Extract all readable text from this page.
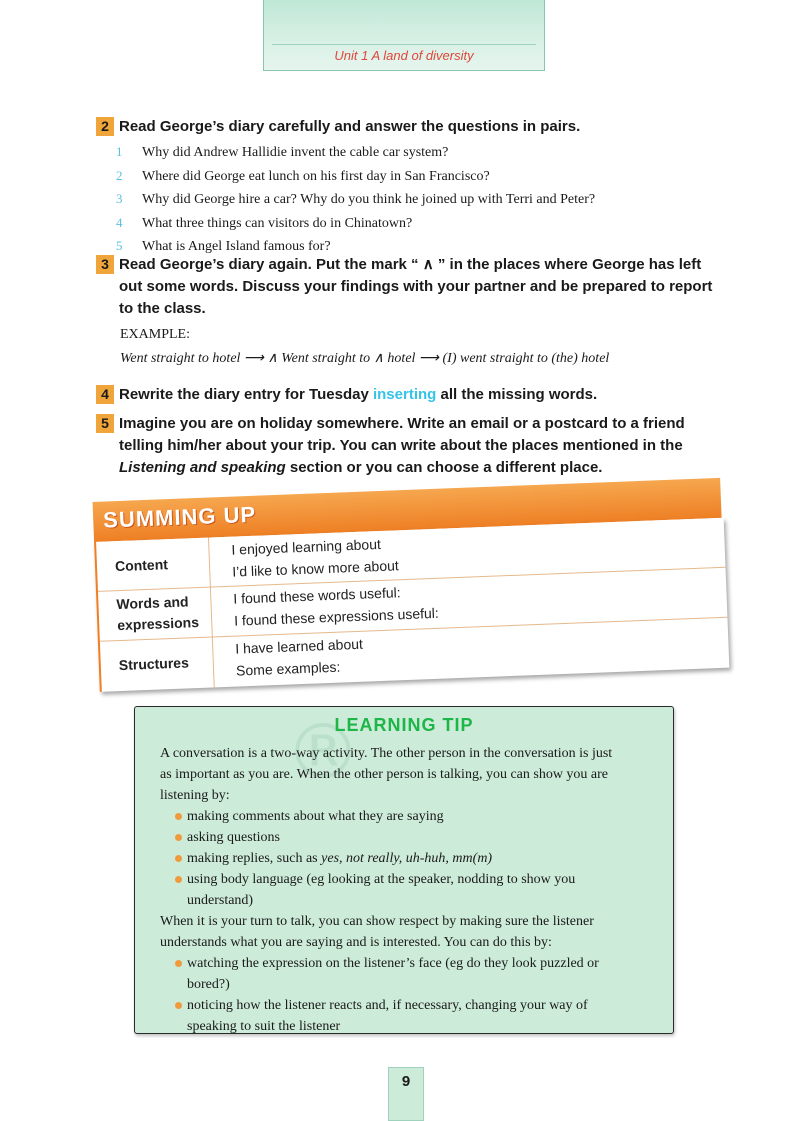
Unit 1 A land of diversity
2 Read George’s diary carefully and answer the questions in pairs.
1 Why did Andrew Hallidie invent the cable car system?
2 Where did George eat lunch on his first day in San Francisco?
3 Why did George hire a car? Why do you think he joined up with Terri and Peter?
4 What three things can visitors do in Chinatown?
5 What is Angel Island famous for?
3 Read George’s diary again. Put the mark “ ∧ ” in the places where George has left
out some words. Discuss your findings with your partner and be prepared to report
to the class.
EXAMPLE:
Went straight to hotel ⟶ ∧ Went straight to ∧ hotel ⟶ (I) went straight to (the) hotel
4 Rewrite the diary entry for Tuesday inserting all the missing words.
5 Imagine you are on holiday somewhere. Write an email or a postcard to a friend
telling him/her about your trip. You can write about the places mentioned in the
Listening and speaking section or you can choose a different place.
SUMMING UP
Content
I enjoyed learning about
I’d like to know more about
Words and
expressions
I found these words useful:
I found these expressions useful:
Structures
I have learned about
Some examples:
®
LEARNING TIP
A conversation is a two-way activity. The other person in the conversation is just
as important as you are. When the other person is talking, you can show you are
listening by:
making comments about what they are saying
asking questions
making replies, such as yes, not really, uh-huh, mm(m)
using body language (eg looking at the speaker, nodding to show you
understand)
When it is your turn to talk, you can show respect by making sure the listener
understands what you are saying and is interested. You can do this by:
watching the expression on the listener’s face (eg do they look puzzled or
bored?)
noticing how the listener reacts and, if necessary, changing your way of
speaking to suit the listener
9
